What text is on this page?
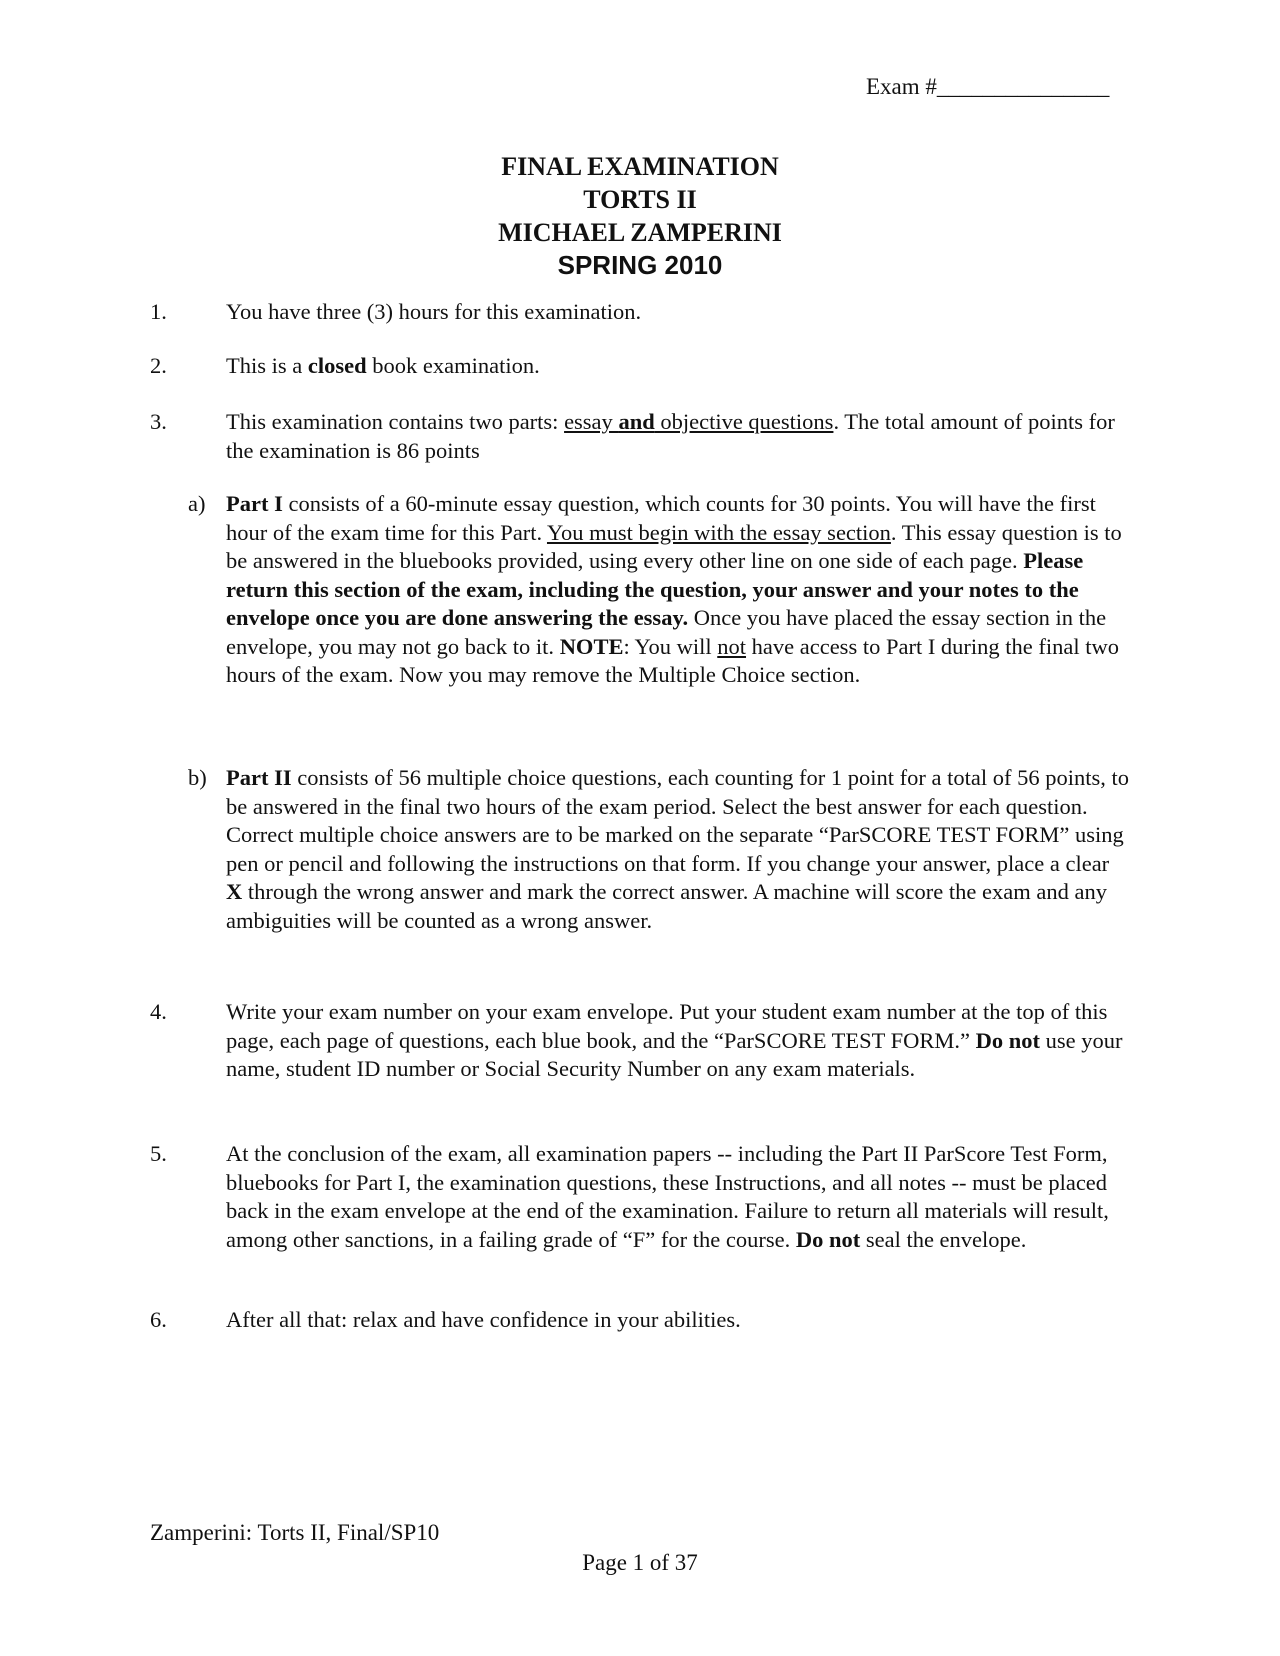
Exam #_______________
FINAL EXAMINATION
TORTS II
MICHAEL ZAMPERINI
SPRING 2010
1.	You have three (3) hours for this examination.
2.	This is a closed book examination.
3.	This examination contains two parts: essay and objective questions. The total amount of points for the examination is 86 points
a) Part I consists of a 60-minute essay question, which counts for 30 points. You will have the first hour of the exam time for this Part. You must begin with the essay section. This essay question is to be answered in the bluebooks provided, using every other line on one side of each page. Please return this section of the exam, including the question, your answer and your notes to the envelope once you are done answering the essay. Once you have placed the essay section in the envelope, you may not go back to it. NOTE: You will not have access to Part I during the final two hours of the exam. Now you may remove the Multiple Choice section.
b) Part II consists of 56 multiple choice questions, each counting for 1 point for a total of 56 points, to be answered in the final two hours of the exam period. Select the best answer for each question. Correct multiple choice answers are to be marked on the separate “ParSCORE TEST FORM” using pen or pencil and following the instructions on that form. If you change your answer, place a clear X through the wrong answer and mark the correct answer. A machine will score the exam and any ambiguities will be counted as a wrong answer.
4.	Write your exam number on your exam envelope. Put your student exam number at the top of this page, each page of questions, each blue book, and the “ParSCORE TEST FORM.” Do not use your name, student ID number or Social Security Number on any exam materials.
5.	At the conclusion of the exam, all examination papers -- including the Part II ParScore Test Form, bluebooks for Part I, the examination questions, these Instructions, and all notes -- must be placed back in the exam envelope at the end of the examination. Failure to return all materials will result, among other sanctions, in a failing grade of “F” for the course. Do not seal the envelope.
6.	After all that: relax and have confidence in your abilities.
Zamperini: Torts II, Final/SP10
Page 1 of 37
